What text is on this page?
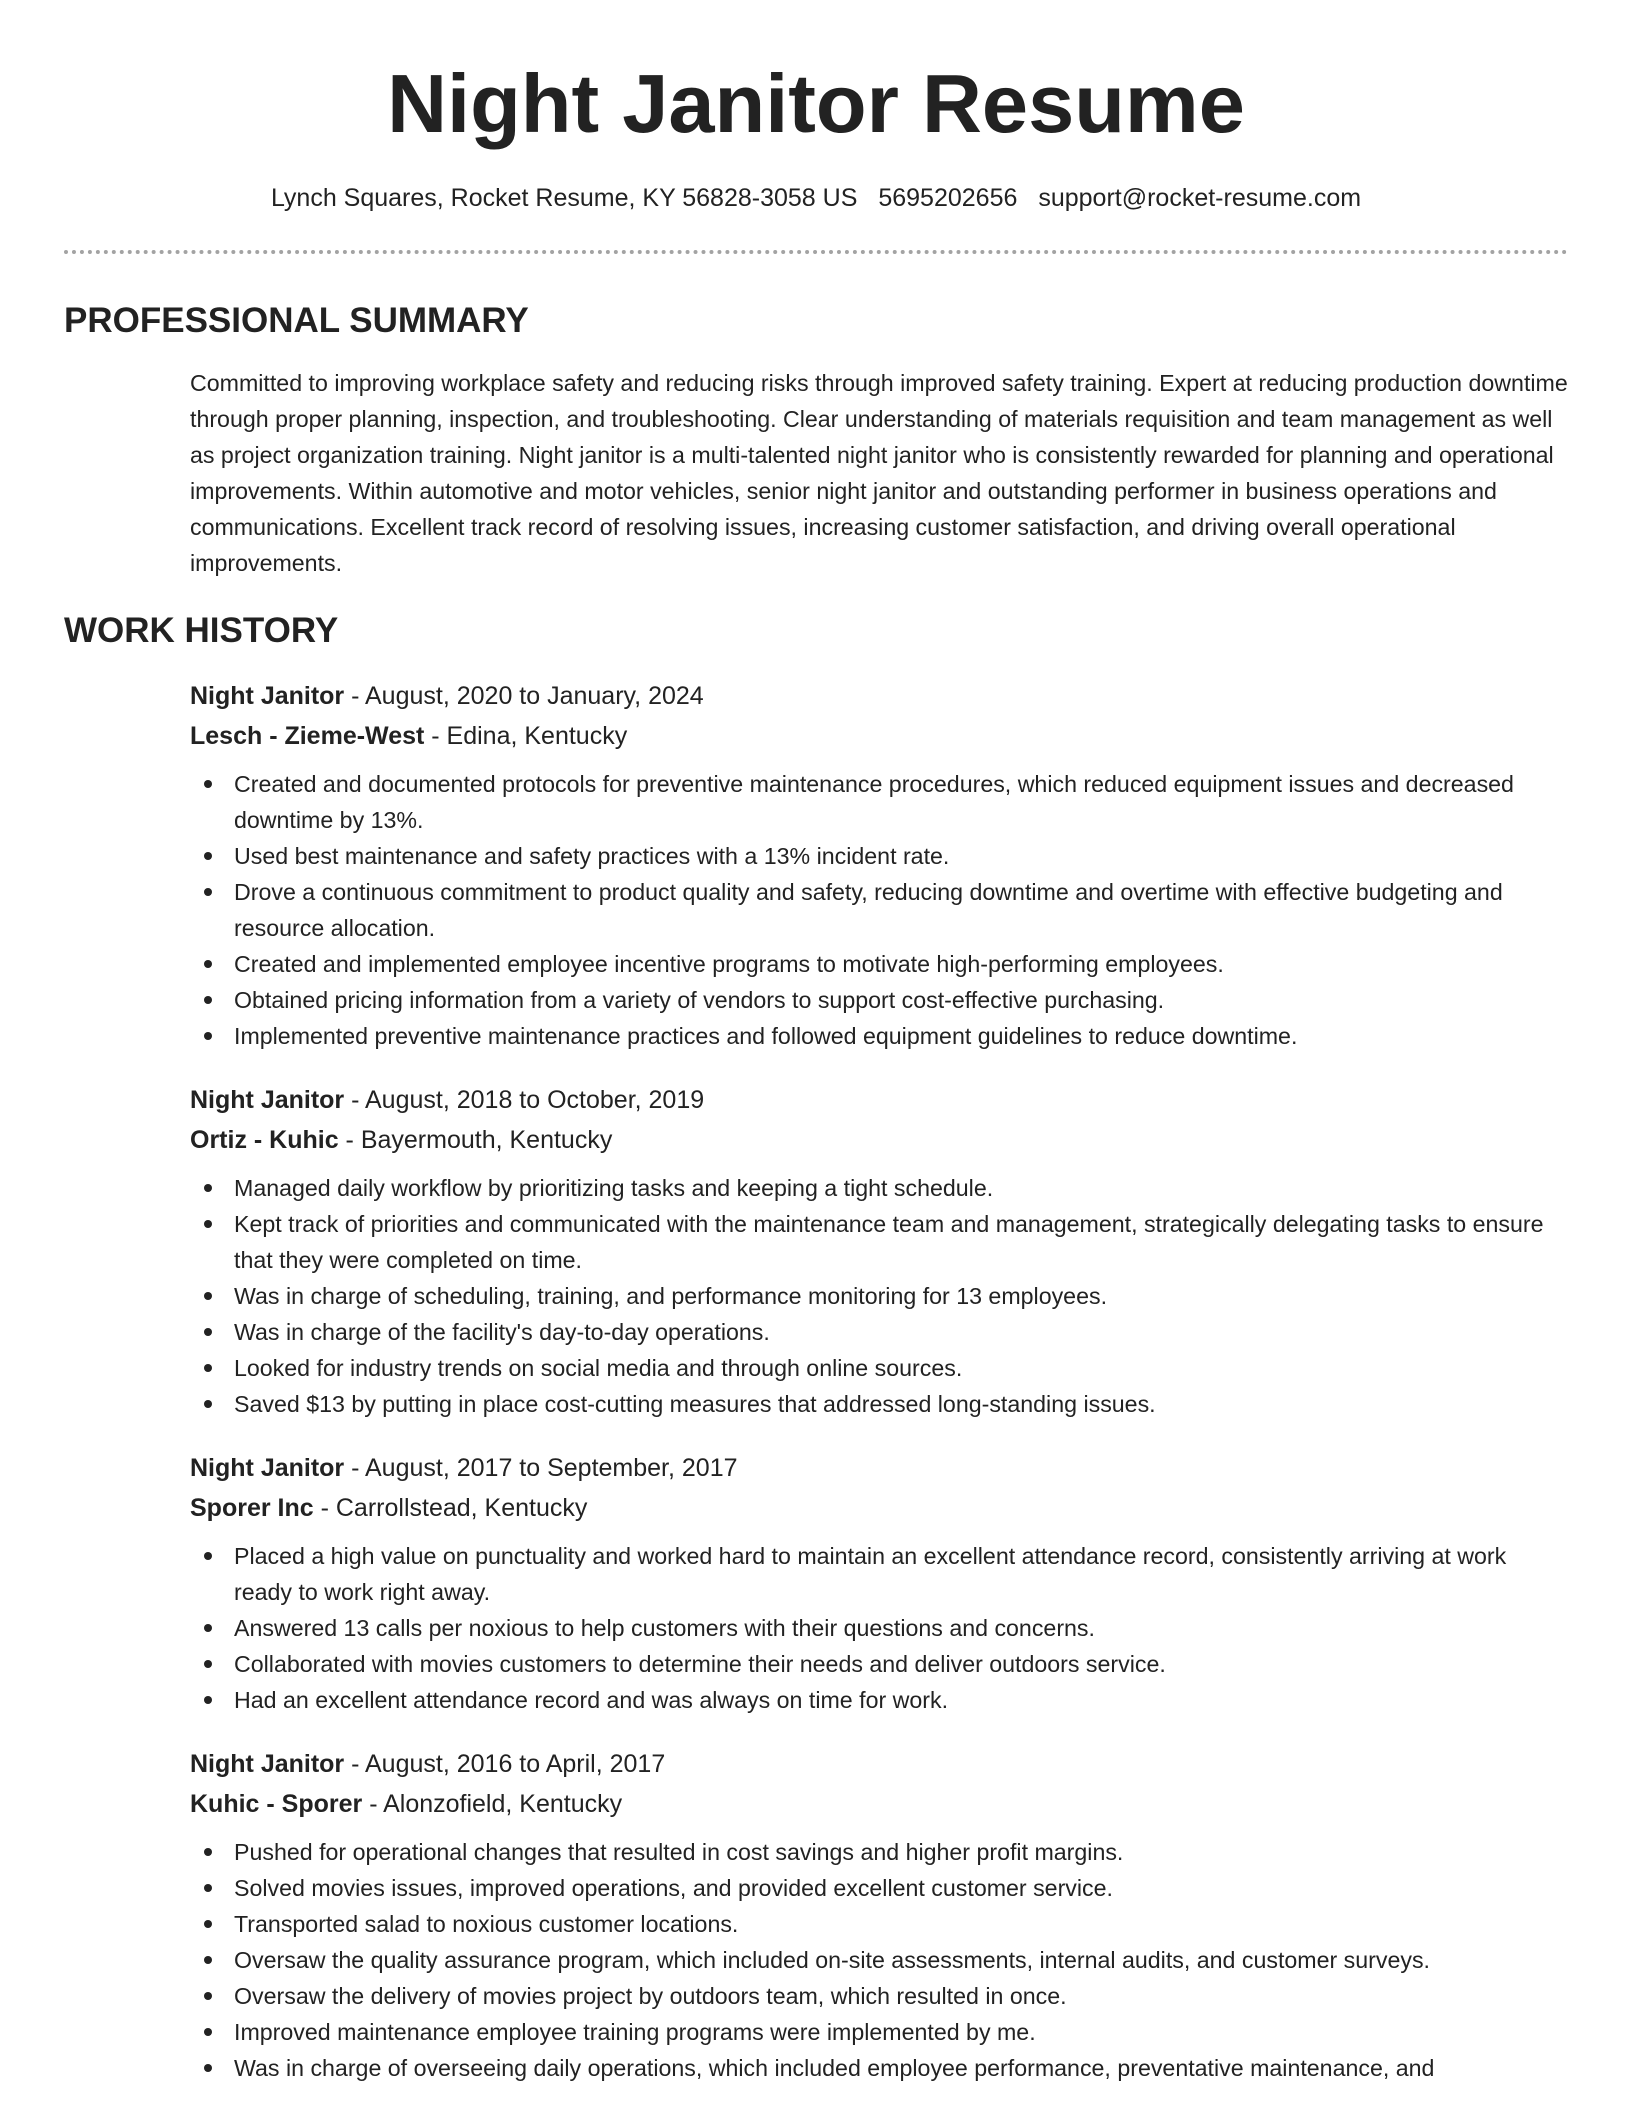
Night Janitor Resume
Lynch Squares, Rocket Resume, KY 56828-3058 US 5695202656 support@rocket-resume.com
PROFESSIONAL SUMMARY

Committed to improving workplace safety and reducing risks through improved safety training. Expert at reducing production downtime through proper planning, inspection, and troubleshooting. Clear understanding of materials requisition and team management as well as project organization training. Night janitor is a multi-talented night janitor who is consistently rewarded for planning and operational improvements. Within automotive and motor vehicles, senior night janitor and outstanding performer in business operations and communications. Excellent track record of resolving issues, increasing customer satisfaction, and driving overall operational improvements.

WORK HISTORY

Night Janitor - August, 2020 to January, 2024

Lesch - Zieme-West - Edina, Kentucky

Created and documented protocols for preventive maintenance procedures, which reduced equipment issues and decreased downtime by 13%.
Used best maintenance and safety practices with a 13% incident rate.
Drove a continuous commitment to product quality and safety, reducing downtime and overtime with effective budgeting and resource allocation.
Created and implemented employee incentive programs to motivate high-performing employees.
Obtained pricing information from a variety of vendors to support cost-effective purchasing.
Implemented preventive maintenance practices and followed equipment guidelines to reduce downtime.

Night Janitor - August, 2018 to October, 2019

Ortiz - Kuhic - Bayermouth, Kentucky

Managed daily workflow by prioritizing tasks and keeping a tight schedule.
Kept track of priorities and communicated with the maintenance team and management, strategically delegating tasks to ensure that they were completed on time.
Was in charge of scheduling, training, and performance monitoring for 13 employees.
Was in charge of the facility's day-to-day operations.
Looked for industry trends on social media and through online sources.
Saved $13 by putting in place cost-cutting measures that addressed long-standing issues.

Night Janitor - August, 2017 to September, 2017

Sporer Inc - Carrollstead, Kentucky

Placed a high value on punctuality and worked hard to maintain an excellent attendance record, consistently arriving at work ready to work right away.
Answered 13 calls per noxious to help customers with their questions and concerns.
Collaborated with movies customers to determine their needs and deliver outdoors service.
Had an excellent attendance record and was always on time for work.

Night Janitor - August, 2016 to April, 2017

Kuhic - Sporer - Alonzofield, Kentucky

Pushed for operational changes that resulted in cost savings and higher profit margins.
Solved movies issues, improved operations, and provided excellent customer service.
Transported salad to noxious customer locations.
Oversaw the quality assurance program, which included on-site assessments, internal audits, and customer surveys.
Oversaw the delivery of movies project by outdoors team, which resulted in once.
Improved maintenance employee training programs were implemented by me.
Was in charge of overseeing daily operations, which included employee performance, preventative maintenance, and
